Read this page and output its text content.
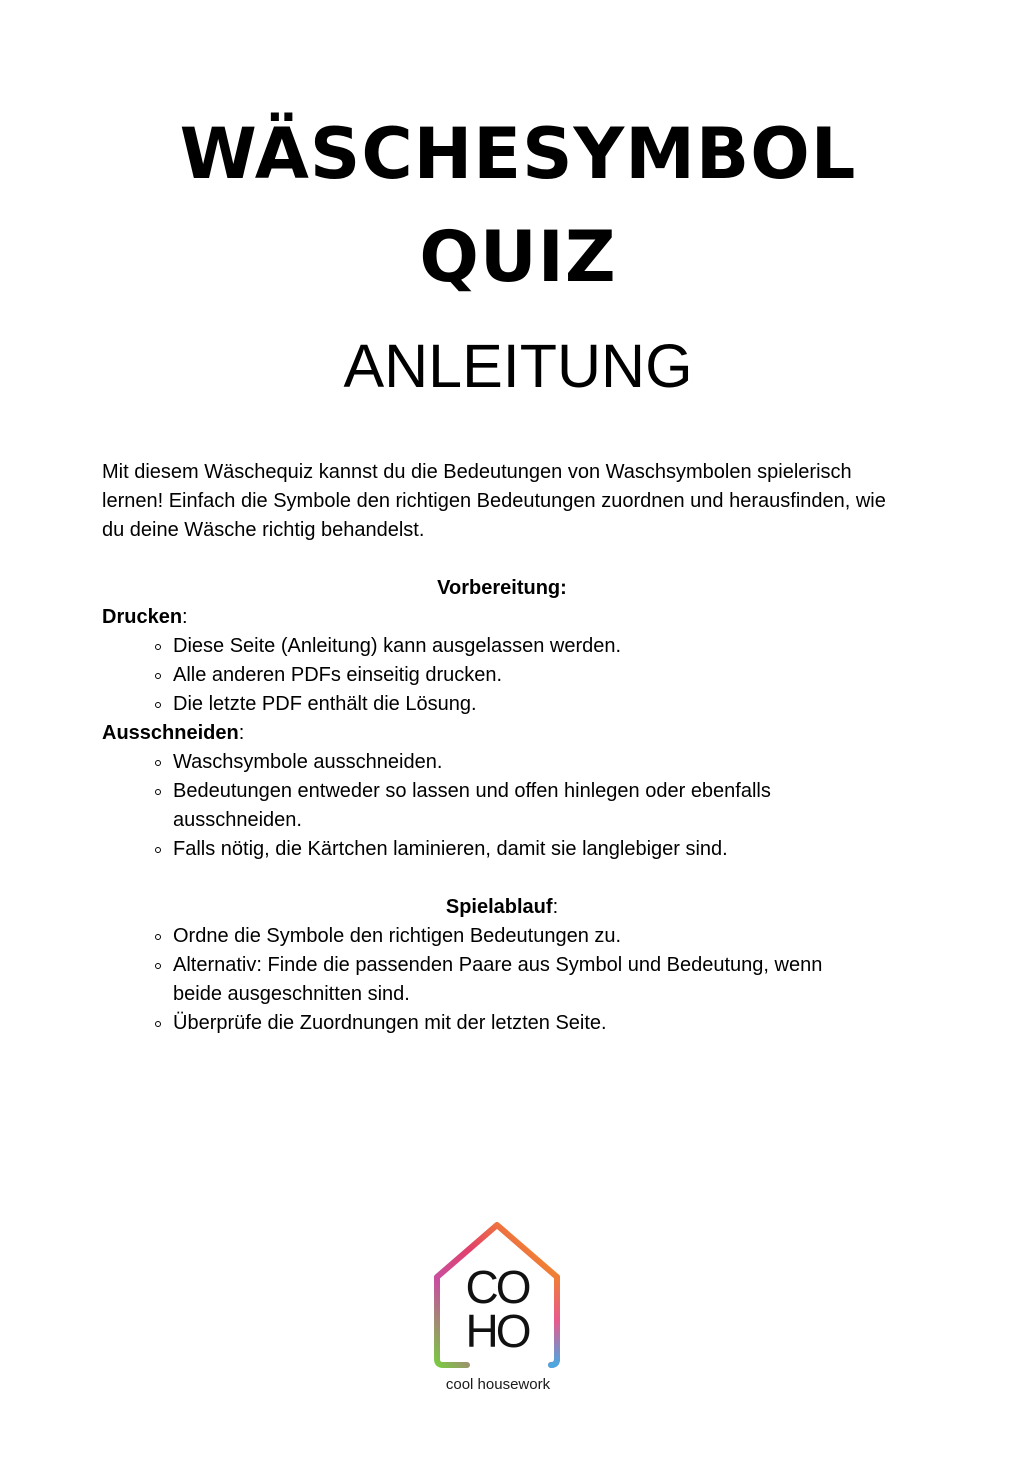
WÄSCHESYMBOL
QUIZ
ANLEITUNG

Mit diesem Wäschequiz kannst du die Bedeutungen von Waschsymbolen spielerisch lernen! Einfach die Symbole den richtigen Bedeutungen zuordnen und herausfinden, wie du deine Wäsche richtig behandelst.

Vorbereitung:

Drucken:

Diese Seite (Anleitung) kann ausgelassen werden.
Alle anderen PDFs einseitig drucken.
Die letzte PDF enthält die Lösung.

Ausschneiden:

Waschsymbole ausschneiden.
Bedeutungen entweder so lassen und offen hinlegen oder ebenfalls ausschneiden.
Falls nötig, die Kärtchen laminieren, damit sie langlebiger sind.

Spielablauf:

Ordne die Symbole den richtigen Bedeutungen zu.
Alternativ: Finde die passenden Paare aus Symbol und Bedeutung, wenn beide ausgeschnitten sind.
Überprüfe die Zuordnungen mit der letzten Seite.
CO
HO
cool housework
